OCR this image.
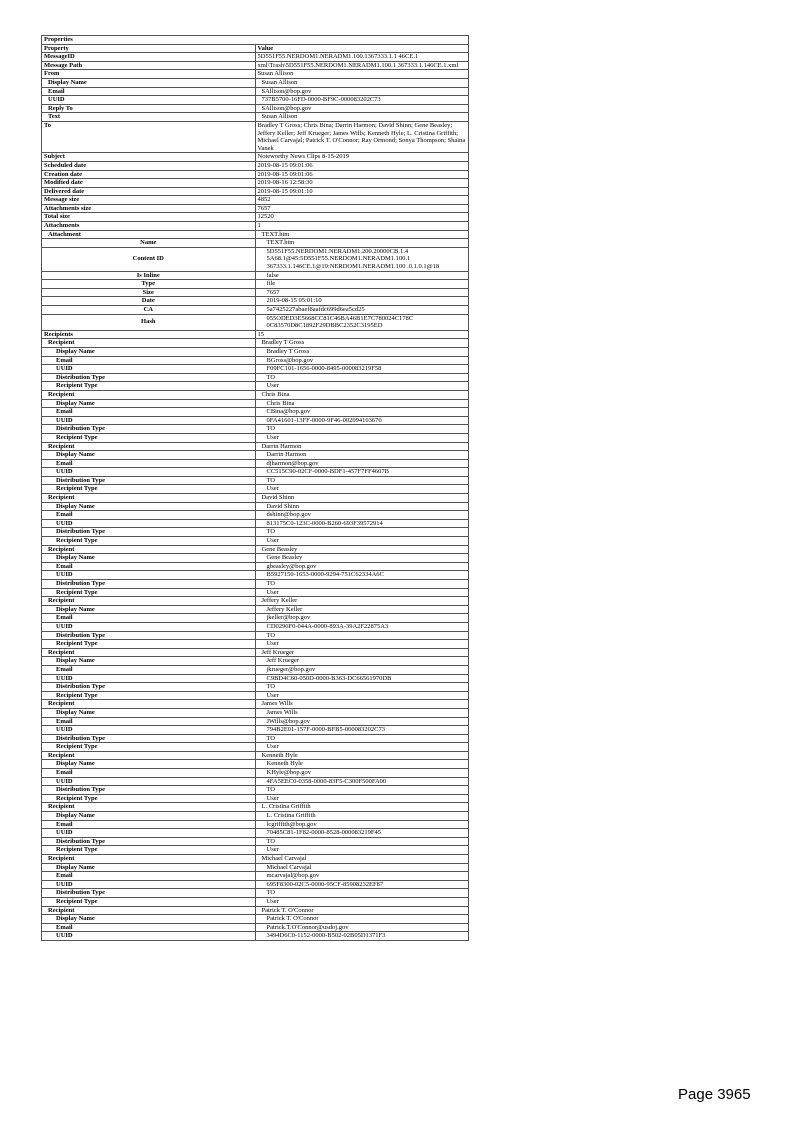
Properties	
Property	Value
MessageID	5D551F55.NERDOM1.NERADM1.100.1367333.1.1 46CE.1
Message Path	xml\Trash\5D551F55.NERDOM1.NERADM1.100.1 367333.1.146CE.1.xml
From	Susan Allison
Display Name	Susan Allison
Email	SAllison@bop.gov
UUID	737B5700-16FD-0000-BF9C-000083202C73
Reply To	SAllison@bop.gov
Text	Susan Allison
To	Bradley T Gross; Chris Bina; Darrin Harmon; David Shinn; Gene Beasley; Jeffery Keller; Jeff Krueger; James Wills; Kenneth Hyle; L. Cristina Griffith; Michael Carvajal; Patrick T. O'Connor; Ray Ormond; Sonya Thompson; Shaina Vanek
Subject	Noteworthy News Clips 8-15-2019
Scheduled date	2019-08-15 09:01:06
Creation date	2019-08-15 09:01:06
Modified date	2019-08-16 12:58:30
Delivered date	2019-08-15 09:01:10
Message size	4852
Attachments size	7657
Total size	12520
Attachments	1
Attachment	TEXT.htm
Name	TEXT.htm
Content ID	5D551F55.NERDOM1.NERADM1.200.20000CB.1.4 5A68.1@45:5D551F55.NERDOM1.NERADM1.100.1 367333.1.146CE.1@19:NERDOM1.NERADM1.100 .0.1.0.1@18
Is Inline	false
Type	file
Size	7657
Date	2019-08-15 05:01:10
CA	5a7425227abaef8aafdc699d6ea5cd25
Hash	055ODED3E5668CC81C46BA46B1E7C780024C178C 0C83570D8C1892F29DBBC2352C3195ED
Recipients	15
Recipient	Bradley T Gross
Display Name	Bradley T Gross
Email	BGross@bop.gov
UUID	F09FC101-1656-0000-8495-000083219F58
Distribution Type	TO
Recipient Type	User
Recipient	Chris Bina
Display Name	Chris Bina
Email	CBina@bop.gov
UUID	0FA41601-13FF-0000-9F46-002094103670
Distribution Type	TO
Recipient Type	User
Recipient	Darrin Harmon
Display Name	Darrin Harmon
Email	djharmon@bop.gov
UUID	CC515C90-02CF-0000-BDF1-457F7FF4607B
Distribution Type	TO
Recipient Type	User
Recipient	David Shinn
Display Name	David Shinn
Email	dshinn@bop.gov
UUID	813175C0-123C-0000-B260-693F39572914
Distribution Type	TO
Recipient Type	User
Recipient	Gene Beasley
Display Name	Gene Beasley
Email	gbeasley@bop.gov
UUID	B5927150-1653-0000-9294-751C62334A6C
Distribution Type	TO
Recipient Type	User
Recipient	Jeffery Keller
Display Name	Jeffery Keller
Email	jkeller@bop.gov
UUID	CD0296F0-044A-0000-893A-39A2F22875A3
Distribution Type	TO
Recipient Type	User
Recipient	Jeff Krueger
Display Name	Jeff Krueger
Email	jkrueger@bop.gov
UUID	C9BD4C60-050D-0000-B363-DC66561970DB
Distribution Type	TO
Recipient Type	User
Recipient	James Wills
Display Name	James Wills
Email	JWills@bop.gov
UUID	794B2E01-157F-0000-BFB5-000083202C73
Distribution Type	TO
Recipient Type	User
Recipient	Kenneth Hyle
Display Name	Kenneth Hyle
Email	KHyle@bop.gov
UUID	4FA5EEC0-0358-0000-83F5-C300F500FA00
Distribution Type	TO
Recipient Type	User
Recipient	L. Cristina Griffith
Display Name	L. Cristina Griffith
Email	lcgriffith@bop.gov
UUID	70485C81-1F82-0000-8528-000083219F45
Distribution Type	TO
Recipient Type	User
Recipient	Michael Carvajal
Display Name	Michael Carvajal
Email	mcarvajal@bop.gov
UUID	695F8300-02C5-0000-95CF-85908232EF87
Distribution Type	TO
Recipient Type	User
Recipient	Patrick T. O'Connor
Display Name	Patrick T. O'Connor
Email	Patrick.T.O'Connor@usdoj.gov
UUID	3494D6C0-1152-0000-B502-02B05D1371F3
Page 3965
